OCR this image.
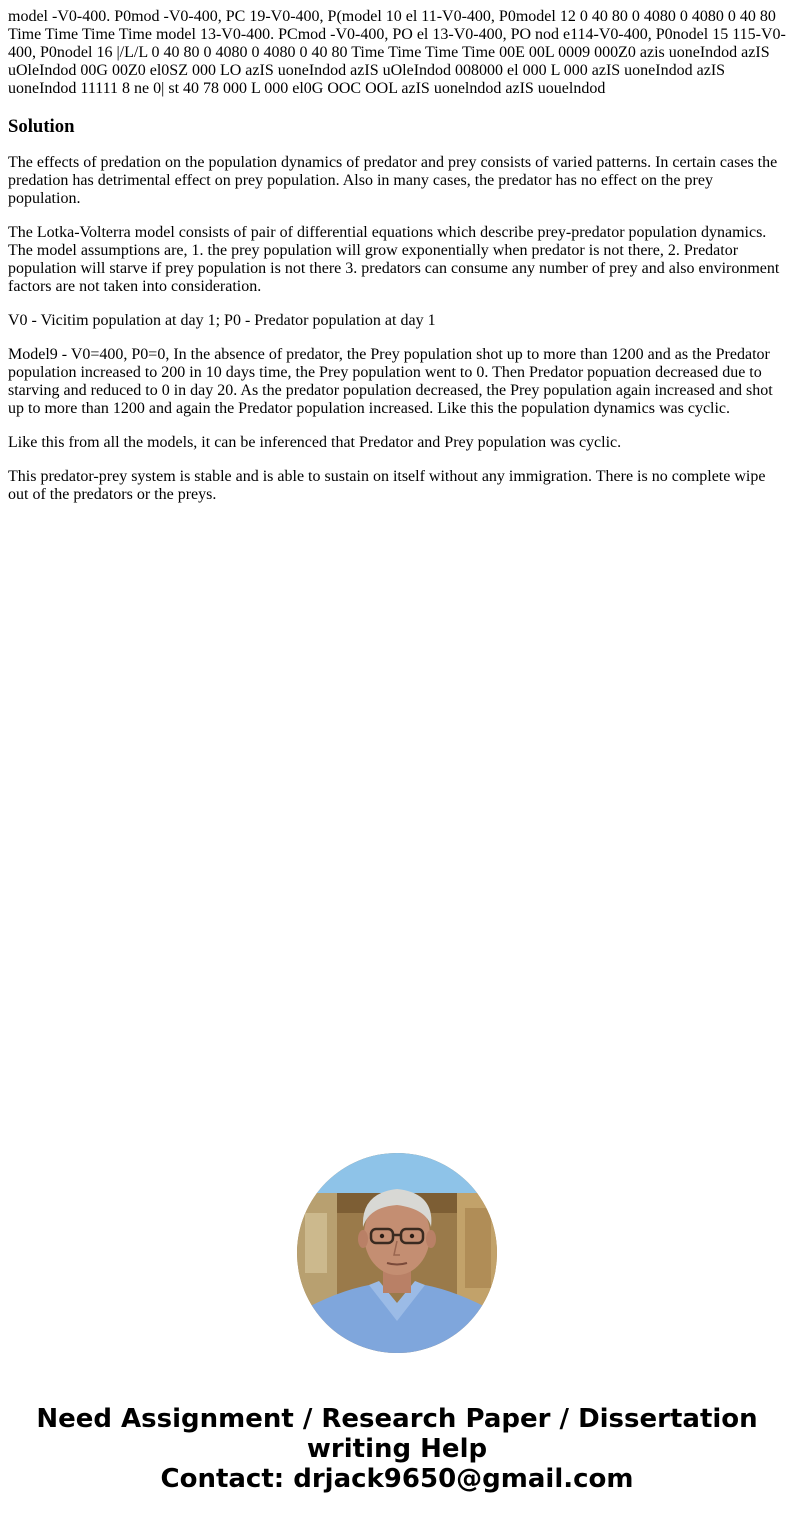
model -V0-400. P0mod -V0-400, PC 19-V0-400, P(model 10 el 11-V0-400, P0model 12 0 40 80 0 4080 0 4080 0 40 80 Time Time Time Time model 13-V0-400. PCmod -V0-400, PO el 13-V0-400, PO nod e114-V0-400, P0nodel 15 115-V0-400, P0nodel 16 |/L/L 0 40 80 0 4080 0 4080 0 40 80 Time Time Time Time 00E 00L 0009 000Z0 azis uoneIndod azIS uOleIndod 00G 00Z0 el0SZ 000 LO azIS uoneIndod azIS uOleIndod 008000 el 000 L 000 azIS uoneIndod azIS uoneIndod 11111 8 ne 0| st 40 78 000 L 000 el0G OOC OOL azIS uonelndod azIS uouelndod

Solution

The effects of predation on the population dynamics of predator and prey consists of varied patterns. In certain cases the predation has detrimental effect on prey population. Also in many cases, the predator has no effect on the prey population.

The Lotka-Volterra model consists of pair of differential equations which describe prey-predator population dynamics. The model assumptions are, 1. the prey population will grow exponentially when predator is not there, 2. Predator population will starve if prey population is not there 3. predators can consume any number of prey and also environment factors are not taken into consideration.

V0 - Vicitim population at day 1; P0 - Predator population at day 1

Model9 - V0=400, P0=0, In the absence of predator, the Prey population shot up to more than 1200 and as the Predator population increased to 200 in 10 days time, the Prey population went to 0. Then Predator popuation decreased due to starving and reduced to 0 in day 20. As the predator population decreased, the Prey population again increased and shot up to more than 1200 and again the Predator population increased. Like this the population dynamics was cyclic.

Like this from all the models, it can be inferenced that Predator and Prey population was cyclic.

This predator-prey system is stable and is able to sustain on itself without any immigration. There is no complete wipe out of the predators or the preys.

Need Assignment / Research Paper / Dissertation
writing Help
Contact: drjack9650@gmail.com
